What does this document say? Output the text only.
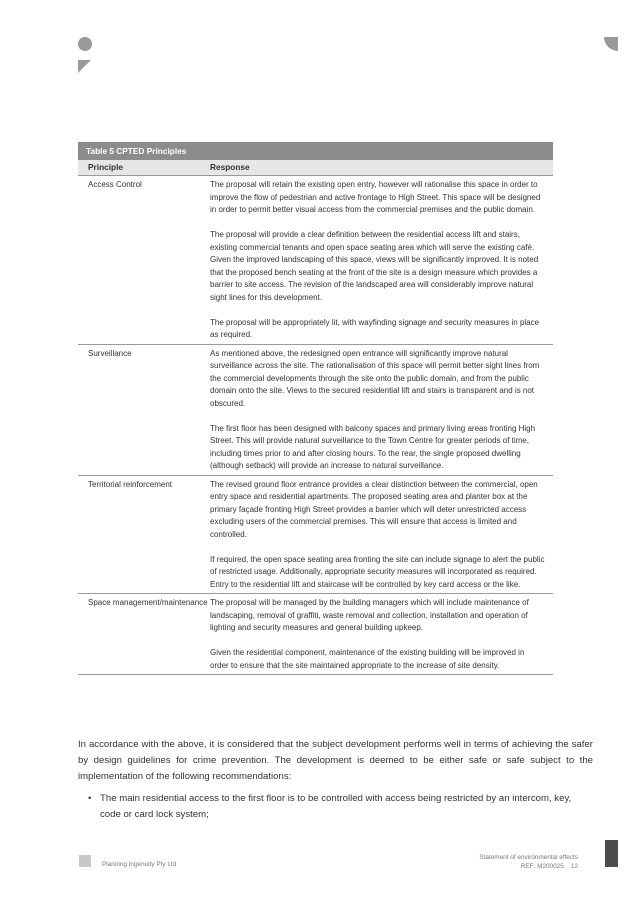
Table 5 CPTED Principles
Principle	Response
Access Control	The proposal will retain the existing open entry, however will rationalise this space in order to improve the flow of pedestrian and active frontage to High Street. This space will be designed in order to permit better visual access from the commercial premises and the public domain.

The proposal will provide a clear definition between the residential access lift and stairs, existing commercial tenants and open space seating area which will serve the existing café. Given the improved landscaping of this space, views will be significantly improved. It is noted that the proposed bench seating at the front of the site is a design measure which provides a barrier to site access. The revision of the landscaped area will considerably improve natural sight lines for this development.

The proposal will be appropriately lit, with wayfinding signage and security measures in place as required.

Surveillance	As mentioned above, the redesigned open entrance will significantly improve natural surveillance across the site. The rationalisation of this space will permit better sight lines from the commercial developments through the site onto the public domain, and from the public domain onto the site. Views to the secured residential lift and stairs is transparent and is not obscured.

The first floor has been designed with balcony spaces and primary living areas fronting High Street. This will provide natural surveillance to the Town Centre for greater periods of time, including times prior to and after closing hours. To the rear, the single proposed dwelling (although setback) will provide an increase to natural surveillance.

Territorial reinforcement	The revised ground floor entrance provides a clear distinction between the commercial, open entry space and residential apartments. The proposed seating area and planter box at the primary façade fronting High Street provides a barrier which will deter unrestricted access excluding users of the commercial premises. This will ensure that access is limited and controlled.

If required, the open space seating area fronting the site can include signage to alert the public of restricted usage. Additionally, appropriate security measures will incorporated as required. Entry to the residential lift and staircase will be controlled by key card access or the like.

Space management/maintenance The proposal will be managed by the building managers which will include maintenance of landscaping, removal of graffiti, waste removal and collection, installation and operation of lighting and security measures and general building upkeep.

Given the residential component, maintenance of the existing building will be improved in order to ensure that the site maintained appropriate to the increase of site density.

In accordance with the above, it is considered that the subject development performs well in terms of achieving the safer by design guidelines for crime prevention. The development is deemed to be either safe or safe subject to the implementation of the following recommendations:

• The main residential access to the first floor is to be controlled with access being restricted by an intercom, key, code or card lock system;
Planning Ingenuity Pty Ltd
Statement of environmental effects
REF: M200025 12
